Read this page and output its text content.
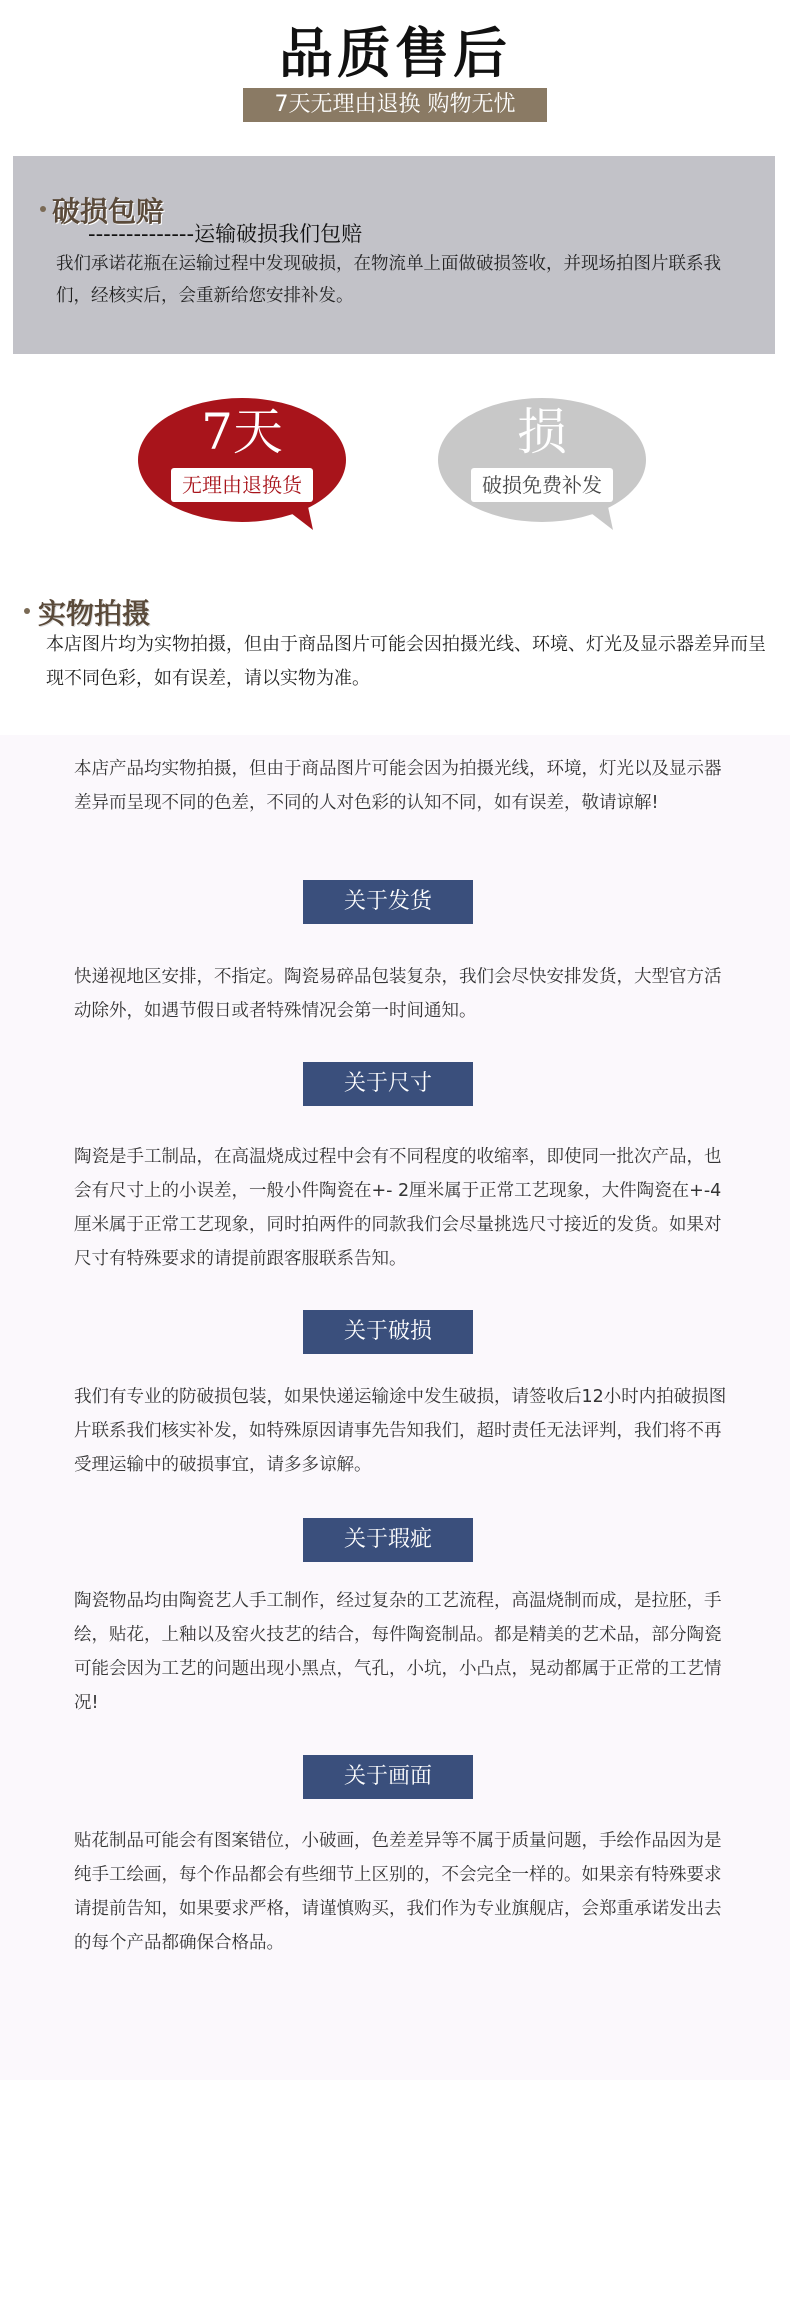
品质售后
7天无理由退换 购物无忧
破损包赔
--------------运输破损我们包赔
我们承诺花瓶在运输过程中发现破损，在物流单上面做破损签收，并现场拍图片联系我们，经核实后，会重新给您安排补发。
7天
无理由退换货
损
破损免费补发
实物拍摄
本店图片均为实物拍摄，但由于商品图片可能会因拍摄光线、环境、灯光及显示器差异而呈现不同色彩，如有误差，请以实物为准。
本店产品均实物拍摄，但由于商品图片可能会因为拍摄光线，环境，灯光以及显示器差异而呈现不同的色差，不同的人对色彩的认知不同，如有误差，敬请谅解!
关于发货
快递视地区安排，不指定。陶瓷易碎品包装复杂，我们会尽快安排发货，大型官方活动除外，如遇节假日或者特殊情况会第一时间通知。
关于尺寸
陶瓷是手工制品，在高温烧成过程中会有不同程度的收缩率，即使同一批次产品，也会有尺寸上的小误差，一般小件陶瓷在+- 2厘米属于正常工艺现象，大件陶瓷在+-4厘米属于正常工艺现象，同时拍两件的同款我们会尽量挑选尺寸接近的发货。如果对尺寸有特殊要求的请提前跟客服联系告知。
关于破损
我们有专业的防破损包装，如果快递运输途中发生破损，请签收后12小时内拍破损图片联系我们核实补发，如特殊原因请事先告知我们，超时责任无法评判，我们将不再受理运输中的破损事宜，请多多谅解。
关于瑕疵
陶瓷物品均由陶瓷艺人手工制作，经过复杂的工艺流程，高温烧制而成，是拉胚，手绘，贴花，上釉以及窑火技艺的结合，每件陶瓷制品。都是精美的艺术品，部分陶瓷可能会因为工艺的问题出现小黑点，气孔，小坑，小凸点，晃动都属于正常的工艺情况!
关于画面
贴花制品可能会有图案错位，小破画，色差差异等不属于质量问题，手绘作品因为是纯手工绘画，每个作品都会有些细节上区别的，不会完全一样的。如果亲有特殊要求请提前告知，如果要求严格，请谨慎购买，我们作为专业旗舰店，会郑重承诺发出去的每个产品都确保合格品。
